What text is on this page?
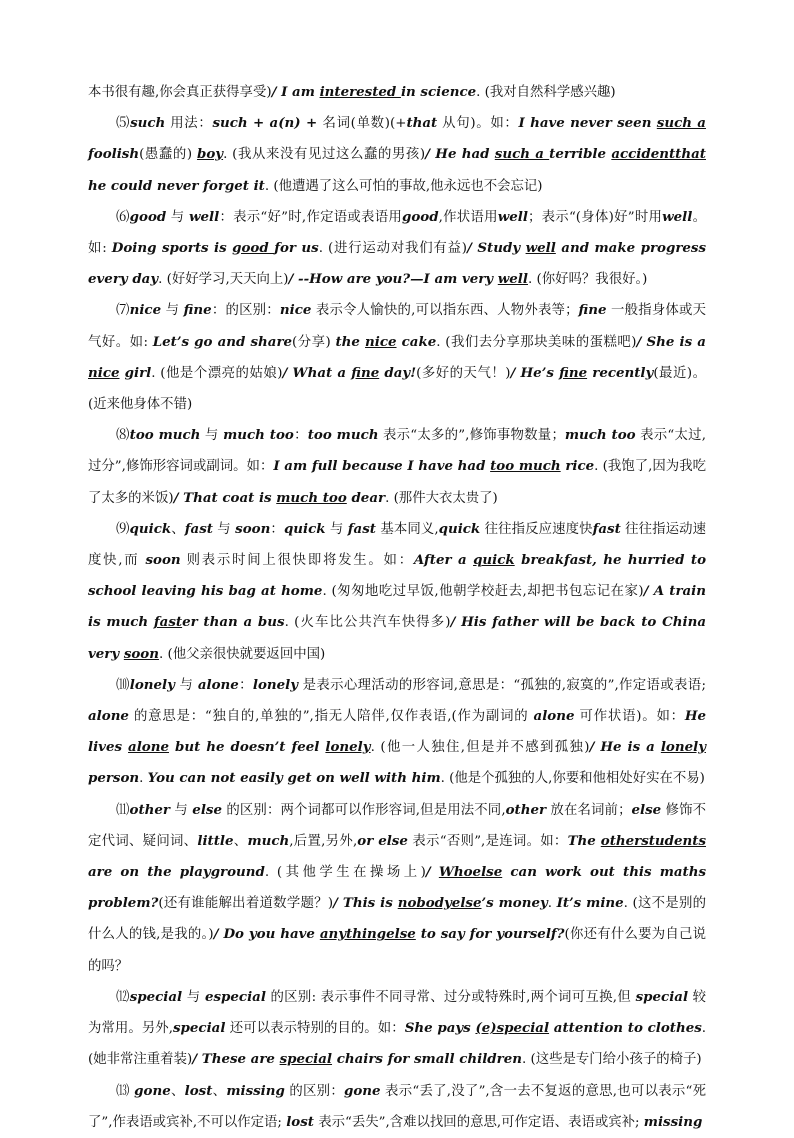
本书很有趣,你会真正获得享受)/ I am interested in science. (我对自然科学感兴趣)

⑸such 用法：such + a(n) + 名词(单数)(+that 从句)。如：I have never seen such a foolish(愚蠢的) boy. (我从来没有见过这么蠢的男孩)/ He had such a terrible accidentthat he could never forget it. (他遭遇了这么可怕的事故,他永远也不会忘记)

⑹good 与 well：表示“好”时,作定语或表语用good,作状语用well；表示“(身体)好”时用well。如: Doing sports is good for us. (进行运动对我们有益)/ Study well and make progress every day. (好好学习,天天向上)/ --How are you?—I am very well. (你好吗？我很好。)

⑺nice 与 fine：的区别：nice 表示令人愉快的,可以指东西、人物外表等；fine 一般指身体或天气好。如: Let’s go and share(分享) the nice cake. (我们去分享那块美味的蛋糕吧)/ She is a nice girl. (他是个漂亮的姑娘)/ What a fine day!(多好的天气！)/ He’s fine recently(最近)。(近来他身体不错)

⑻too much 与 much too：too much 表示“太多的”,修饰事物数量；much too 表示“太过,过分”,修饰形容词或副词。如：I am full because I have had too much rice. (我饱了,因为我吃了太多的米饭)/ That coat is much too dear. (那件大衣太贵了)

⑼quick、fast 与 soon：quick 与 fast 基本同义,quick 往往指反应速度快fast 往往指运动速度快,而 soon 则表示时间上很快即将发生。如：After a quick breakfast, he hurried to school leaving his bag at home. (匆匆地吃过早饭,他朝学校赶去,却把书包忘记在家)/ A train is much faster than a bus. (火车比公共汽车快得多)/ His father will be back to China very soon. (他父亲很快就要返回中国)

⑽lonely 与 alone：lonely 是表示心理活动的形容词,意思是：“孤独的,寂寞的”,作定语或表语; alone 的意思是：“独自的,单独的”,指无人陪伴,仅作表语,(作为副词的 alone 可作状语)。如：He lives alone but he doesn’t feel lonely. (他一人独住,但是并不感到孤独)/ He is a lonely person. You can not easily get on well with him. (他是个孤独的人,你要和他相处好实在不易)

⑾other 与 else 的区别：两个词都可以作形容词,但是用法不同,other 放在名词前；else 修饰不定代词、疑问词、little、much,后置,另外,or else 表示“否则”,是连词。如：The otherstudents are on the playground. (其他学生在操场上)/ Whoelse can work out this maths problem?(还有谁能解出着道数学题？)/ This is nobodyelse’s money. It’s mine. (这不是别的什么人的钱,是我的。)/ Do you have anythingelse to say for yourself?(你还有什么要为自己说的吗？

⑿special 与 especial 的区别: 表示事件不同寻常、过分或特殊时,两个词可互换,但 special 较为常用。另外,special 还可以表示特别的目的。如：She pays (e)special attention to clothes. (她非常注重着装)/ These are special chairs for small children. (这些是专门给小孩子的椅子)

⒀ gone、lost、missing 的区别：gone 表示“丢了,没了”,含一去不复返的意思,也可以表示“死了”,作表语或宾补,不可以作定语; lost 表示“丢失”,含难以找回的意思,可作定语、表语或宾补; missing
